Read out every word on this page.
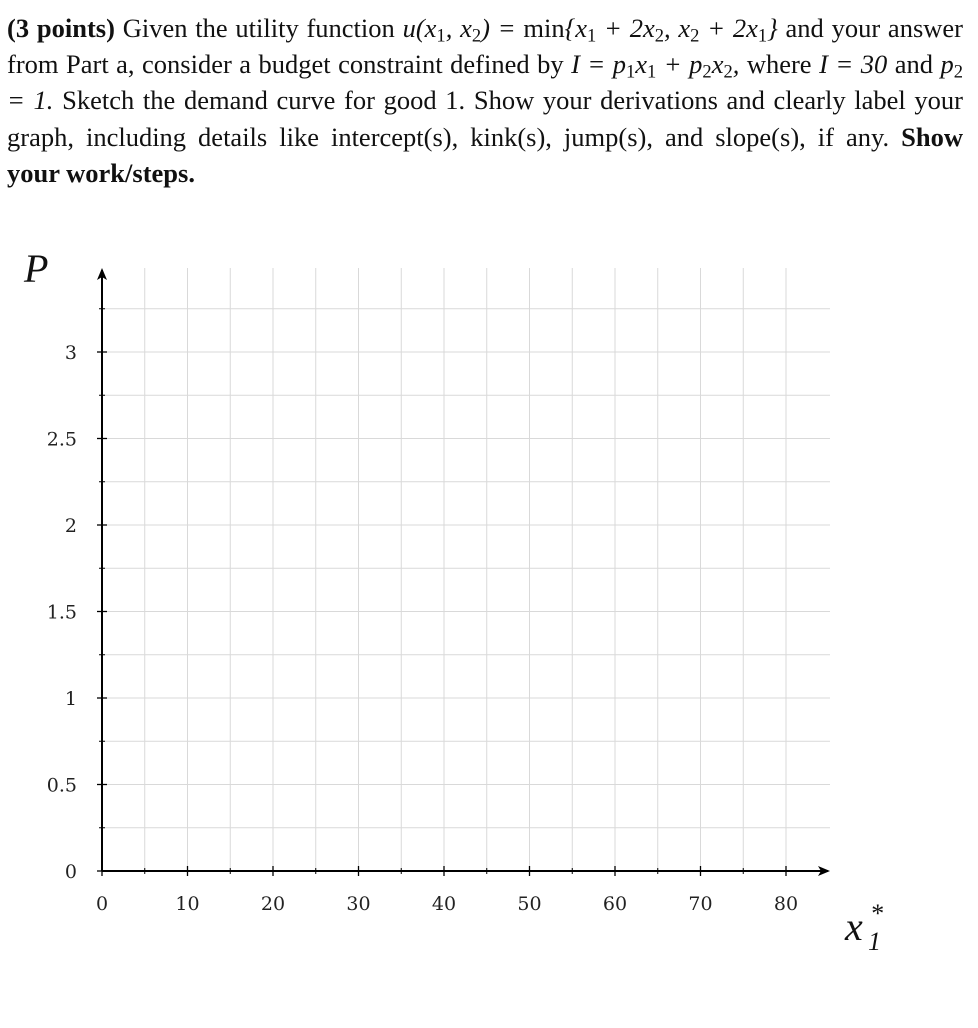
(3 points) Given the utility function $u(x_1$, $x_2) = \min\{x_1 + 2x_2$, $x_2 + 2x_1$} and your answer from Part a, consider a budget constraint defined by $I = p_1x_1 + p_2x_2$, where I = 30 and $p_2 = 1$. Sketch the demand curve for good 1. Show your derivations and clearly label your graph, including details like intercept(s), kink(s), jump(s), and slope(s), if any. Show your work/steps.
0	10	20	30	40	50	60	70	80
0
0.5
1
1.5
2
2.5
3
P
x *
1
